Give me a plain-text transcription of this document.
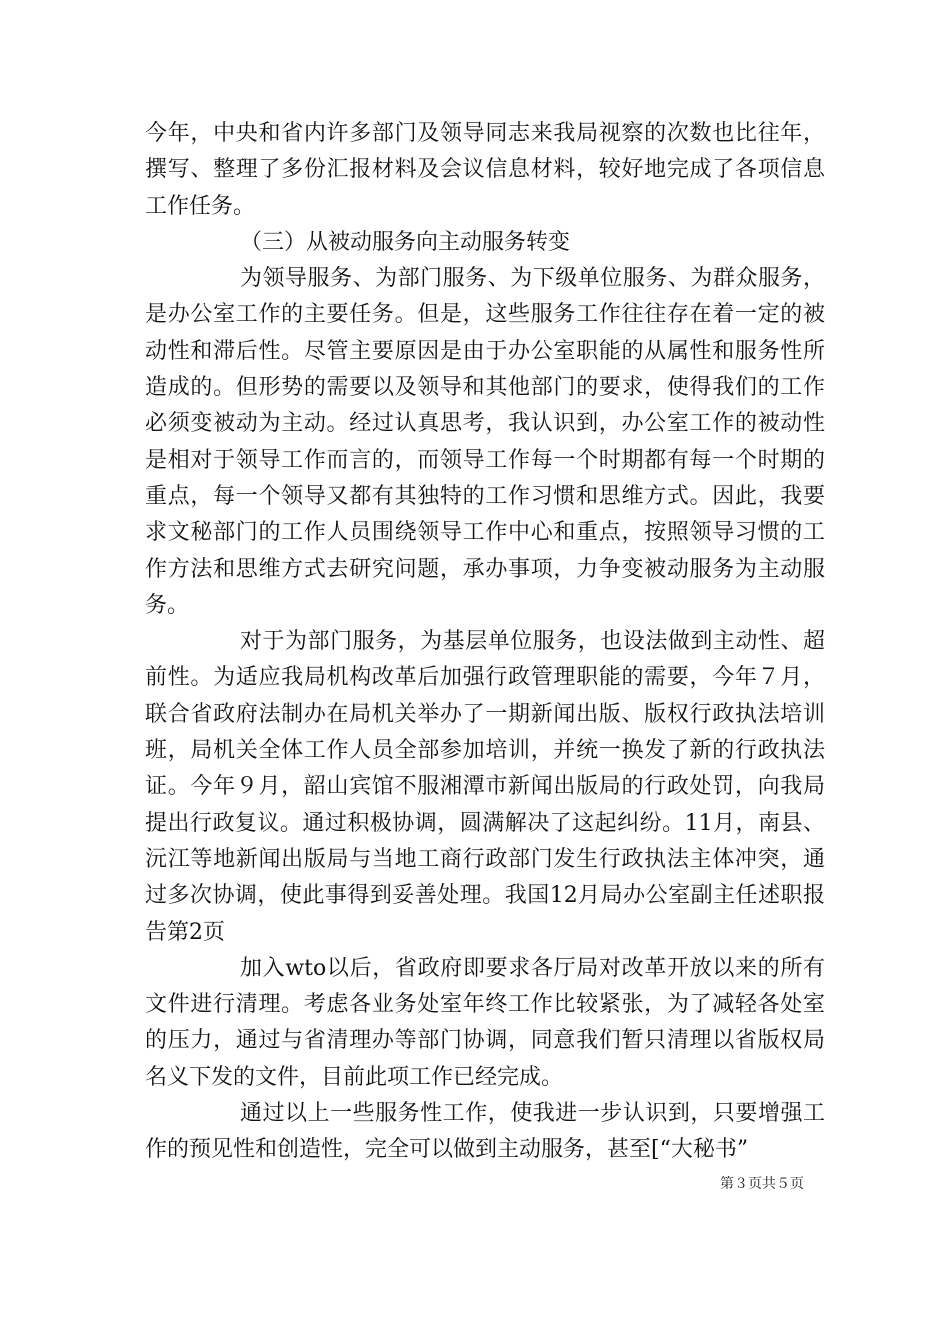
今年，中央和省内许多部门及领导同志来我局视察的次数也比往年，撰写、整理了多份汇报材料及会议信息材料，较好地完成了各项信息工作任务。

（三）从被动服务向主动服务转变

为领导服务、为部门服务、为下级单位服务、为群众服务，是办公室工作的主要任务。但是，这些服务工作往往存在着一定的被动性和滞后性。尽管主要原因是由于办公室职能的从属性和服务性所造成的。但形势的需要以及领导和其他部门的要求，使得我们的工作必须变被动为主动。经过认真思考，我认识到，办公室工作的被动性是相对于领导工作而言的，而领导工作每一个时期都有每一个时期的重点，每一个领导又都有其独特的工作习惯和思维方式。因此，我要求文秘部门的工作人员围绕领导工作中心和重点，按照领导习惯的工作方法和思维方式去研究问题，承办事项，力争变被动服务为主动服务。

对于为部门服务，为基层单位服务，也设法做到主动性、超前性。为适应我局机构改革后加强行政管理职能的需要，今年７月，联合省政府法制办在局机关举办了一期新闻出版、版权行政执法培训班，局机关全体工作人员全部参加培训，并统一换发了新的行政执法证。今年９月，韶山宾馆不服湘潭市新闻出版局的行政处罚，向我局提出行政复议。通过积极协调，圆满解决了这起纠纷。11月，南县、沅江等地新闻出版局与当地工商行政部门发生行政执法主体冲突，通过多次协调，使此事得到妥善处理。我国12月局办公室副主任述职报告第2页

加入wto以后，省政府即要求各厅局对改革开放以来的所有文件进行清理。考虑各业务处室年终工作比较紧张，为了减轻各处室的压力，通过与省清理办等部门协调，同意我们暂只清理以省版权局名义下发的文件，目前此项工作已经完成。

通过以上一些服务性工作，使我进一步认识到，只要增强工作的预见性和创造性，完全可以做到主动服务，甚至[“大秘书”

第３页共５页
